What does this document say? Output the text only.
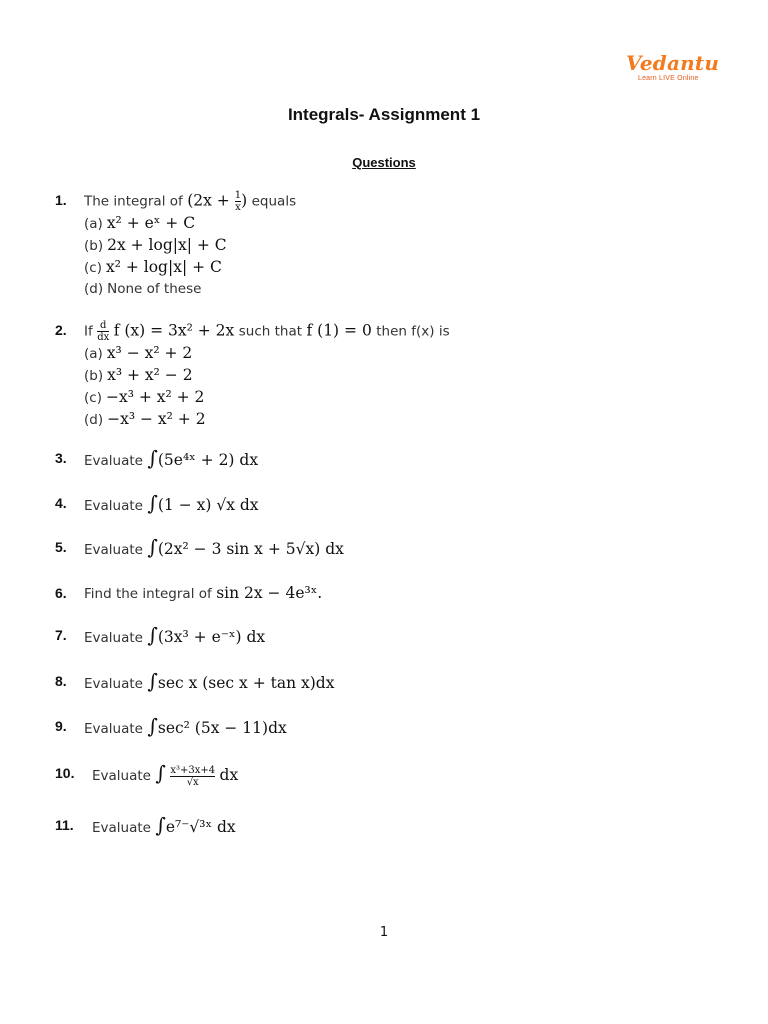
Vedantu
Learn LIVE Online
Integrals- Assignment 1
Questions
1. The integral of ($2x + \frac{1}{x}$ ) equals
(a) x² + eˣ + C
(b) 2x + log|x| + C
(c) x² + log|x| + C
(d) None of these
2. If $\frac{d}{dx}$ f (x) = 3x² + 2x such that f (1) = 0 then f(x) is
(a) x³ − x² + 2
(b) x³ + x² − 2
(c) −x³ + x² + 2
(d) −x³ − x² + 2
3. Evaluate ∫(5e⁴ˣ + 2) dx
4. Evaluate ∫(1 − x) √x dx
5. Evaluate ∫(2x² − 3 sin x + 5√x) dx
6. Find the integral of sin 2x − 4e³ˣ.
7. Evaluate ∫(3x³ + e⁻ˣ) dx
8. Evaluate ∫sec x (sec x + tan x)dx
9. Evaluate ∫sec² (5x − 11)dx
10. Evaluate ∫ $\frac{\text{x³+3x+4}}{√x}$ dx
11. Evaluate ∫e⁷⁻√³ˣ dx
1
